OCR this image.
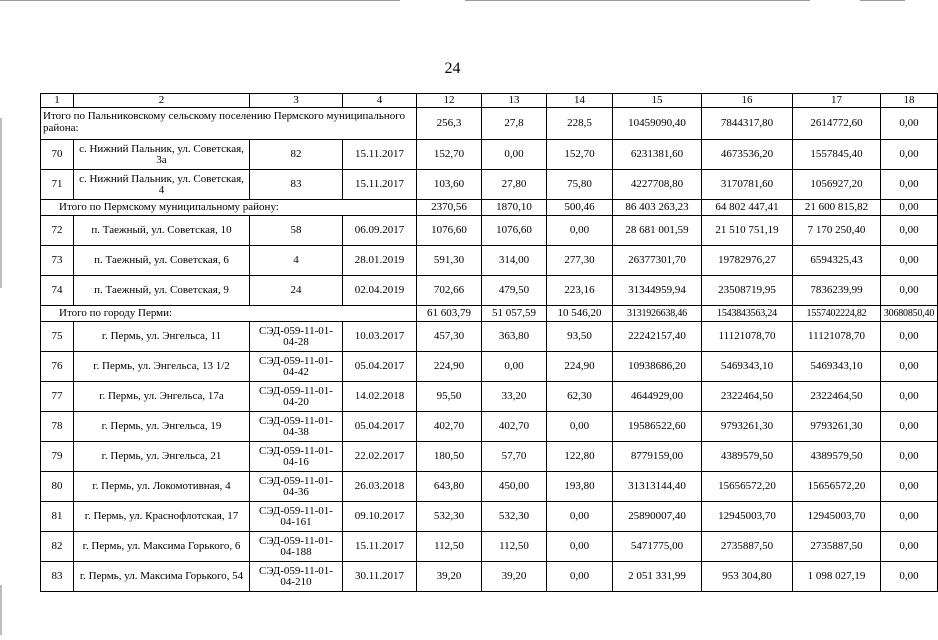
24
1	2	3	4	12	13	14	15	16	17	18
Итого по Пальниковскому сельскому поселению Пермского муниципального района:				256,3	27,8	228,5	10459090,40	7844317,80	2614772,60	0,00
70	с. Нижний Пальник, ул. Советская, 3а	82	15.11.2017	152,70	0,00	152,70	6231381,60	4673536,20	1557845,40	0,00
71	с. Нижний Пальник, ул. Советская, 4	83	15.11.2017	103,60	27,80	75,80	4227708,80	3170781,60	1056927,20	0,00
Итого по Пермскому муниципальному району:				2370,56	1870,10	500,46	86 403 263,23	64 802 447,41	21 600 815,82	0,00
72	п. Таежный, ул. Советская, 10	58	06.09.2017	1076,60	1076,60	0,00	28 681 001,59	21 510 751,19	7 170 250,40	0,00
73	п. Таежный, ул. Советская, 6	4	28.01.2019	591,30	314,00	277,30	26377301,70	19782976,27	6594325,43	0,00
74	п. Таежный, ул. Советская, 9	24	02.04.2019	702,66	479,50	223,16	31344959,94	23508719,95	7836239,99	0,00
Итого по городу Перми:				61 603,79	51 057,59	10 546,20	3131926638,46	1543843563,24	1557402224,82	30680850,40
75	г. Пермь, ул. Энгельса, 11	СЭД-059-11-01-04-28	10.03.2017	457,30	363,80	93,50	22242157,40	11121078,70	11121078,70	0,00
76	г. Пермь, ул. Энгельса, 13 1/2	СЭД-059-11-01-04-42	05.04.2017	224,90	0,00	224,90	10938686,20	5469343,10	5469343,10	0,00
77	г. Пермь, ул. Энгельса, 17а	СЭД-059-11-01-04-20	14.02.2018	95,50	33,20	62,30	4644929,00	2322464,50	2322464,50	0,00
78	г. Пермь, ул. Энгельса, 19	СЭД-059-11-01-04-38	05.04.2017	402,70	402,70	0,00	19586522,60	9793261,30	9793261,30	0,00
79	г. Пермь, ул. Энгельса, 21	СЭД-059-11-01-04-16	22.02.2017	180,50	57,70	122,80	8779159,00	4389579,50	4389579,50	0,00
80	г. Пермь, ул. Локомотивная, 4	СЭД-059-11-01-04-36	26.03.2018	643,80	450,00	193,80	31313144,40	15656572,20	15656572,20	0,00
81	г. Пермь, ул. Краснофлотская, 17	СЭД-059-11-01-04-161	09.10.2017	532,30	532,30	0,00	25890007,40	12945003,70	12945003,70	0,00
82	г. Пермь, ул. Максима Горького, 6	СЭД-059-11-01-04-188	15.11.2017	112,50	112,50	0,00	5471775,00	2735887,50	2735887,50	0,00
83	г. Пермь, ул. Максима Горького, 54	СЭД-059-11-01-04-210	30.11.2017	39,20	39,20	0,00	2 051 331,99	953 304,80	1 098 027,19	0,00
